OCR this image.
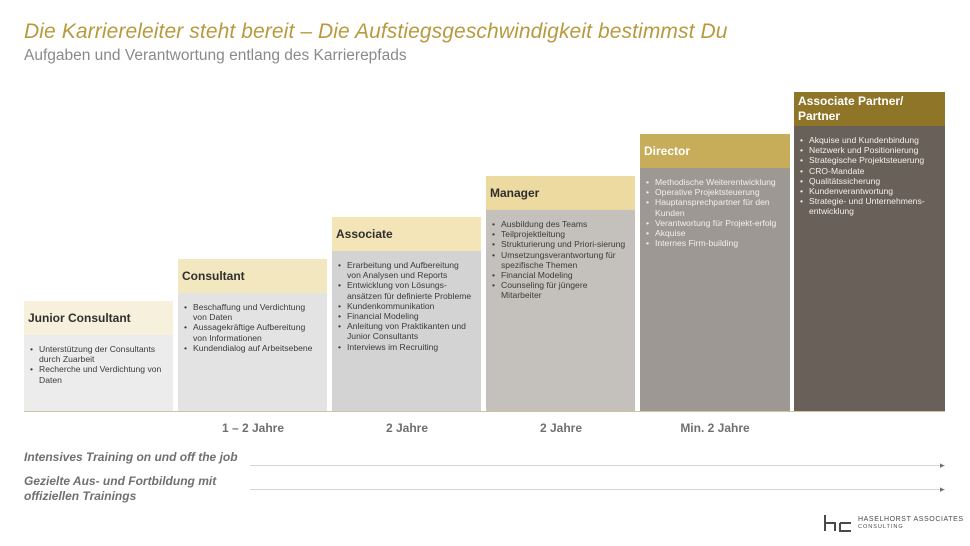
Die Karriereleiter steht bereit – Die Aufstiegsgeschwindigkeit bestimmst Du
Aufgaben und Verantwortung entlang des Karrierepfads
Junior Consultant
• Unterstützung der Consultants durch Zuarbeit
• Recherche und Verdichtung von Daten
Consultant
• Beschaffung und Verdichtung von Daten
• Aussagekräftige Aufbereitung von Informationen
• Kundendialog auf Arbeitsebene
Associate
• Erarbeitung und Aufbereitung von Analysen und Reports
• Entwicklung von Lösungs-ansätzen für definierte Probleme
• Kundenkommunikation
• Financial Modeling
• Anleitung von Praktikanten und Junior Consultants
• Interviews im Recruiting
Manager
• Ausbildung des Teams
• Teilprojektleitung
• Strukturierung und Priori-sierung
• Umsetzungsverantwortung für spezifische Themen
• Financial Modeling
• Counseling für jüngere Mitarbeiter
Director
• Methodische Weiterentwicklung
• Operative Projektsteuerung
• Hauptansprechpartner für den Kunden
• Verantwortung für Projekt-erfolg
• Akquise
• Internes Firm-building
Associate Partner/ Partner
• Akquise und Kundenbindung
• Netzwerk und Positionierung
• Strategische Projektsteuerung
• CRO-Mandate
• Qualitätssicherung
• Kundenverantwortung
• Strategie- und Unternehmens-entwicklung
1 – 2 Jahre	2 Jahre	2 Jahre	Min. 2 Jahre
Intensives Training on und off the job
▸
Gezielte Aus- und Fortbildung mit offiziellen Trainings	▸
HASELHORST ASSOCIATES
CONSULTING
